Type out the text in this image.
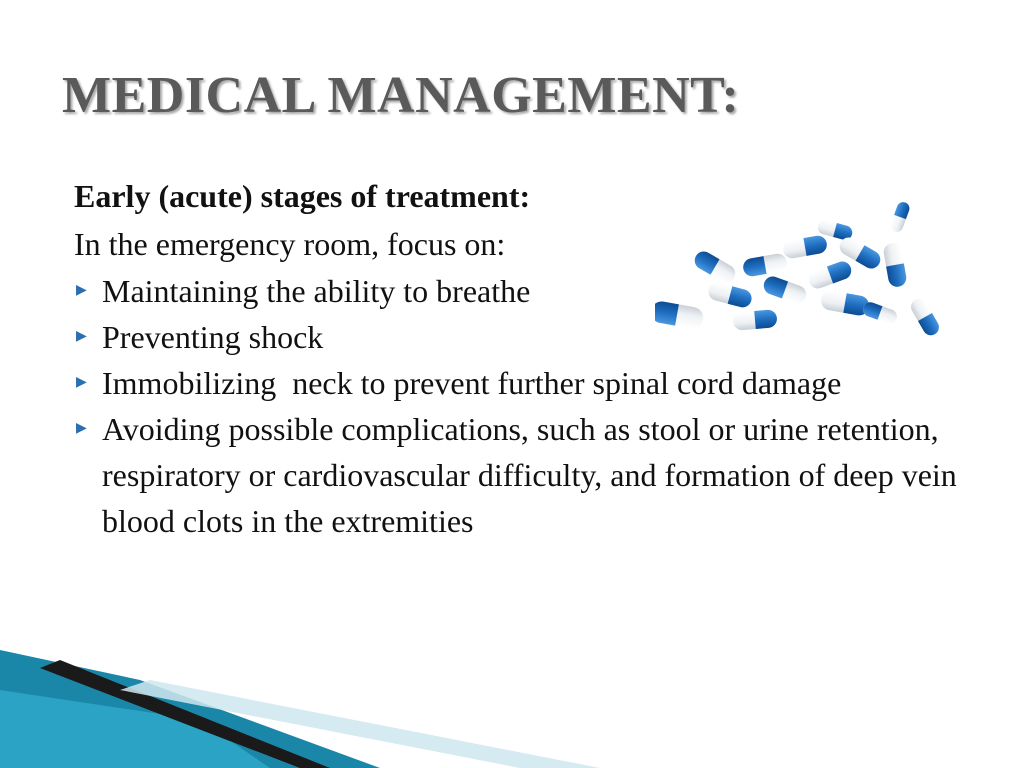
MEDICAL MANAGEMENT:
Early (acute) stages of treatment:
In the emergency room, focus on:
▶ Maintaining the ability to breathe
▶ Preventing shock
▶ Immobilizing  neck to prevent further spinal cord damage
▶ Avoiding possible complications, such as stool or urine retention, respiratory or cardiovascular difficulty, and formation of deep vein blood clots in the extremities
